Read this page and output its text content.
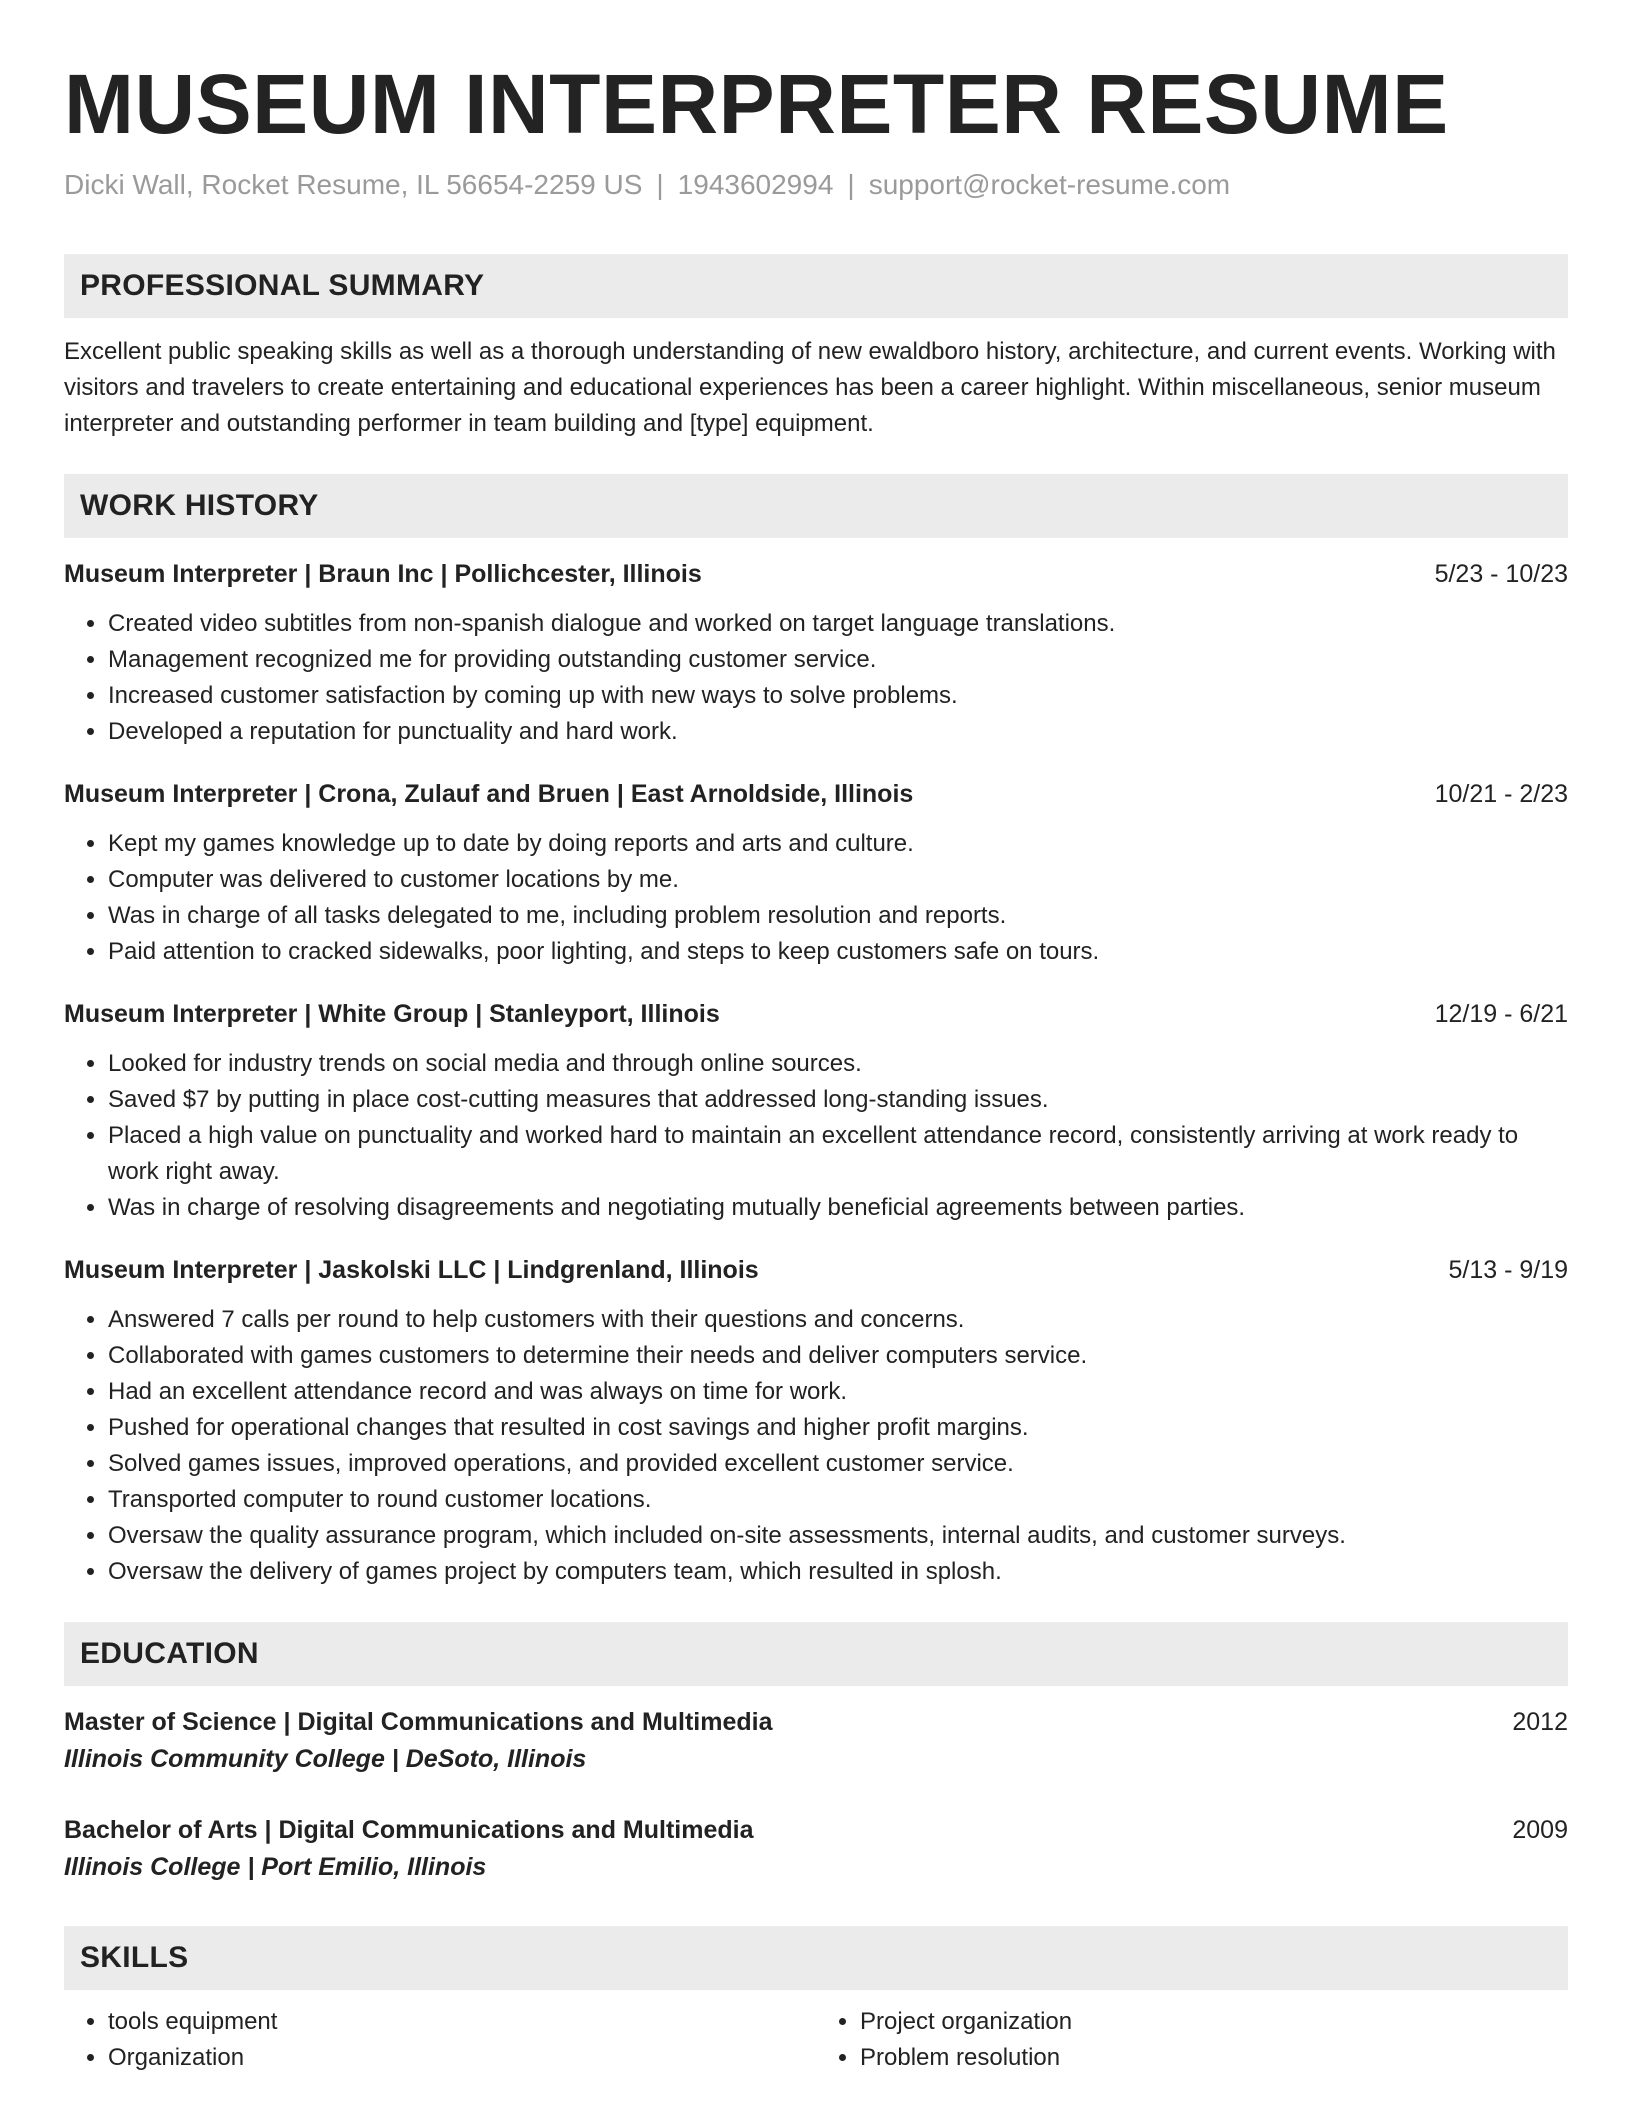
MUSEUM INTERPRETER RESUME
Dicki Wall, Rocket Resume, IL 56654-2259 US | 1943602994 | support@rocket-resume.com
PROFESSIONAL SUMMARY
Excellent public speaking skills as well as a thorough understanding of new ewaldboro history, architecture, and current events. Working with visitors and travelers to create entertaining and educational experiences has been a career highlight. Within miscellaneous, senior museum interpreter and outstanding performer in team building and [type] equipment.
WORK HISTORY
Museum Interpreter | Braun Inc | Pollichcester, Illinois	5/23 - 10/23
• Created video subtitles from non-spanish dialogue and worked on target language translations.
• Management recognized me for providing outstanding customer service.
• Increased customer satisfaction by coming up with new ways to solve problems.
• Developed a reputation for punctuality and hard work.
Museum Interpreter | Crona, Zulauf and Bruen | East Arnoldside, Illinois	10/21 - 2/23
• Kept my games knowledge up to date by doing reports and arts and culture.
• Computer was delivered to customer locations by me.
• Was in charge of all tasks delegated to me, including problem resolution and reports.
• Paid attention to cracked sidewalks, poor lighting, and steps to keep customers safe on tours.
Museum Interpreter | White Group | Stanleyport, Illinois	12/19 - 6/21
• Looked for industry trends on social media and through online sources.
• Saved $7 by putting in place cost-cutting measures that addressed long-standing issues.
• Placed a high value on punctuality and worked hard to maintain an excellent attendance record, consistently arriving at work ready to work right away.
• Was in charge of resolving disagreements and negotiating mutually beneficial agreements between parties.
Museum Interpreter | Jaskolski LLC | Lindgrenland, Illinois	5/13 - 9/19
• Answered 7 calls per round to help customers with their questions and concerns.
• Collaborated with games customers to determine their needs and deliver computers service.
• Had an excellent attendance record and was always on time for work.
• Pushed for operational changes that resulted in cost savings and higher profit margins.
• Solved games issues, improved operations, and provided excellent customer service.
• Transported computer to round customer locations.
• Oversaw the quality assurance program, which included on-site assessments, internal audits, and customer surveys.
• Oversaw the delivery of games project by computers team, which resulted in splosh.
EDUCATION
Master of Science | Digital Communications and Multimedia	2012
Illinois Community College | DeSoto, Illinois
Bachelor of Arts | Digital Communications and Multimedia	2009
Illinois College | Port Emilio, Illinois
SKILLS
• tools equipment
• Organization
• Project organization
• Problem resolution
